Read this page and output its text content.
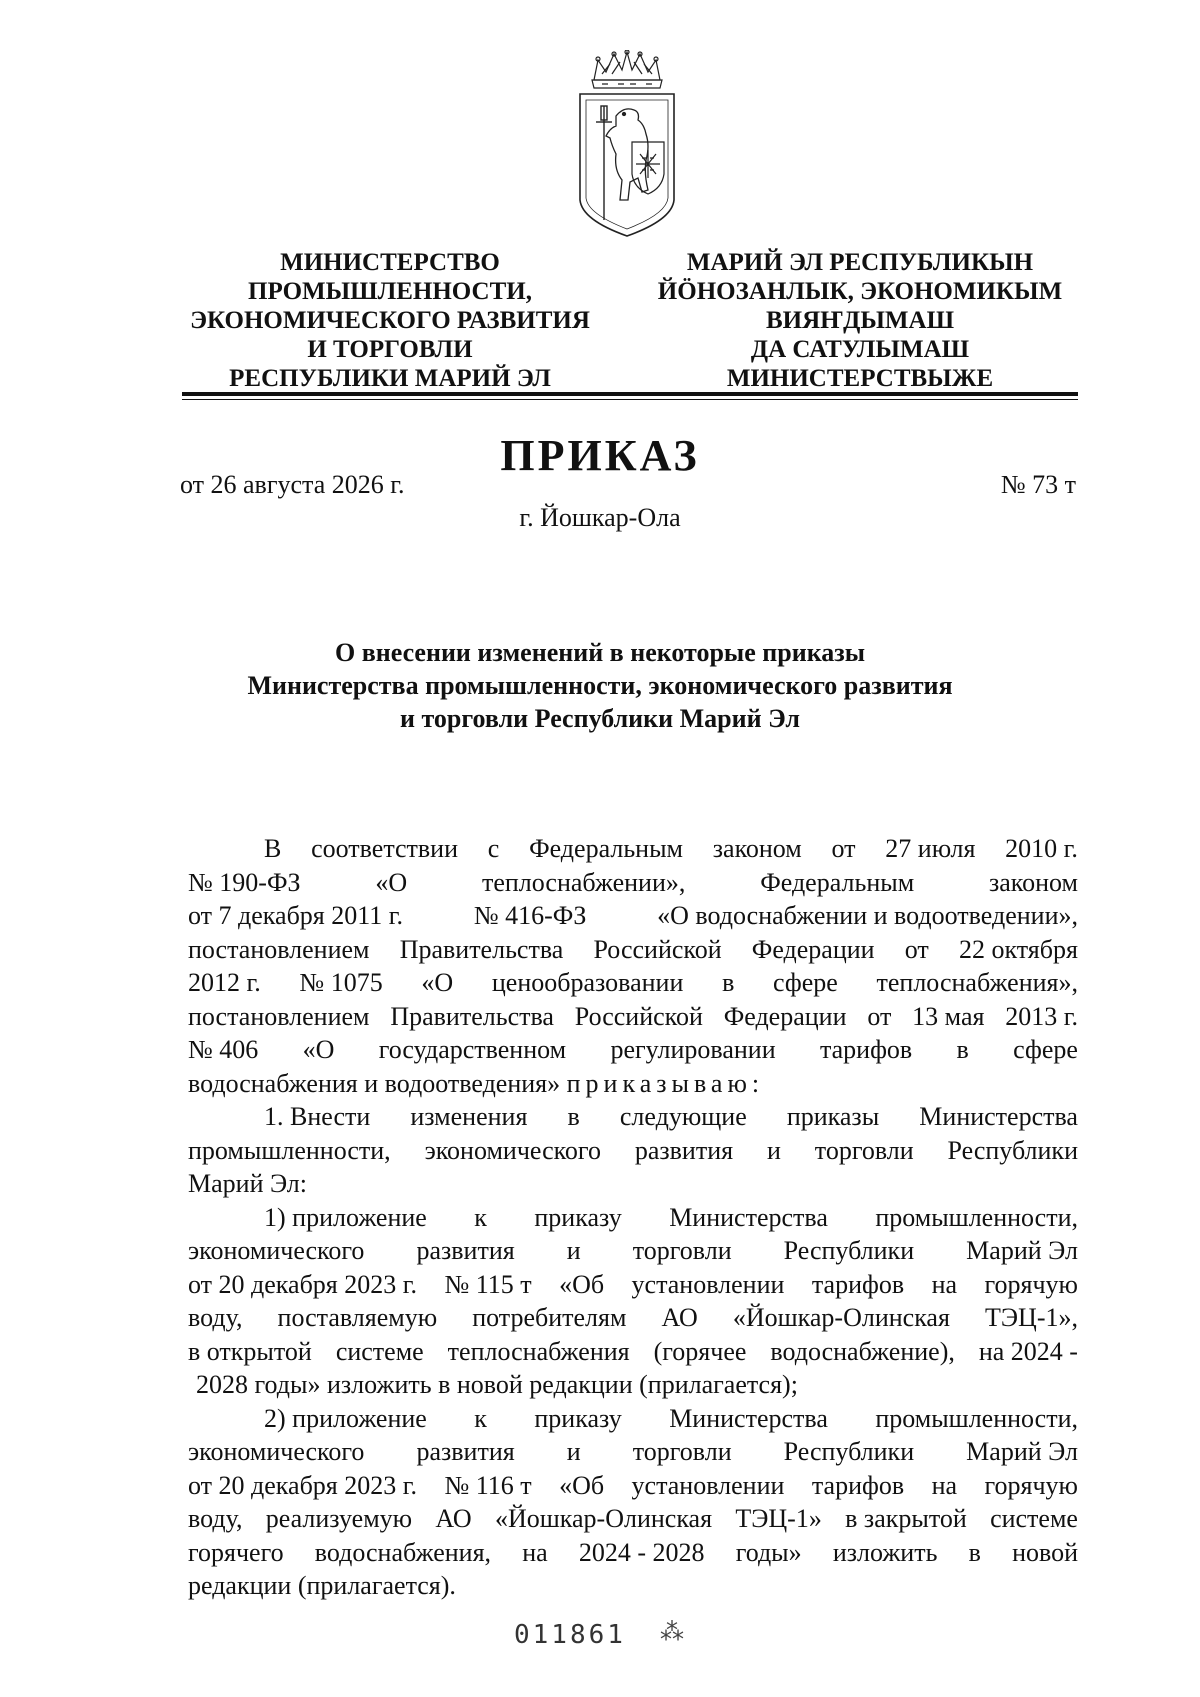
МИНИСТЕРСТВО
ПРОМЫШЛЕННОСТИ,
ЭКОНОМИЧЕСКОГО РАЗВИТИЯ
И ТОРГОВЛИ
РЕСПУБЛИКИ МАРИЙ ЭЛ
МАРИЙ ЭЛ РЕСПУБЛИКЫН
ЙӦНОЗАНЛЫК, ЭКОНОМИКЫМ
ВИЯҤДЫМАШ
ДА САТУЛЫМАШ
МИНИСТЕРСТВЫЖЕ
ПРИКАЗ
от 26 августа 2026 г.	№ 73 т
г. Йошкар-Ола
О внесении изменений в некоторые приказы
Министерства промышленности, экономического развития
и торговли Республики Марий Эл
В соответствии с Федеральным законом от 27 июля 2010 г.
№ 190-ФЗ	«О	теплоснабжении»,	Федеральным	законом
от 7 декабря 2011 г.	№ 416-ФЗ	«О водоснабжении и водоотведении»,
постановлением Правительства Российской Федерации от 22 октября
2012 г. № 1075 «О ценообразовании в сфере теплоснабжения»,
постановлением Правительства Российской Федерации от 13 мая 2013 г.
№ 406 «О государственном регулировании тарифов в сфере
водоснабжения и водоотведения»
приказываю:
1. Внести изменения в следующие приказы Министерства
промышленности, экономического развития и торговли Республики
Марий Эл:
1) приложение к приказу Министерства промышленности,
экономического развития и торговли Республики Марий Эл
от 20 декабря 2023 г. № 115 т «Об установлении тарифов на горячую
воду, поставляемую потребителям АО «Йошкар-Олинская ТЭЦ-1»,
в открытой системе теплоснабжения (горячее водоснабжение), на 2024 -
2028 годы» изложить в новой редакции (прилагается);
2) приложение к приказу Министерства промышленности,
экономического развития и торговли Республики Марий Эл
от 20 декабря 2023 г. № 116 т «Об установлении тарифов на горячую
воду, реализуемую АО «Йошкар-Олинская ТЭЦ-1» в закрытой системе
горячего водоснабжения, на 2024 - 2028 годы» изложить в новой
редакции (прилагается).
011861 ⁂
